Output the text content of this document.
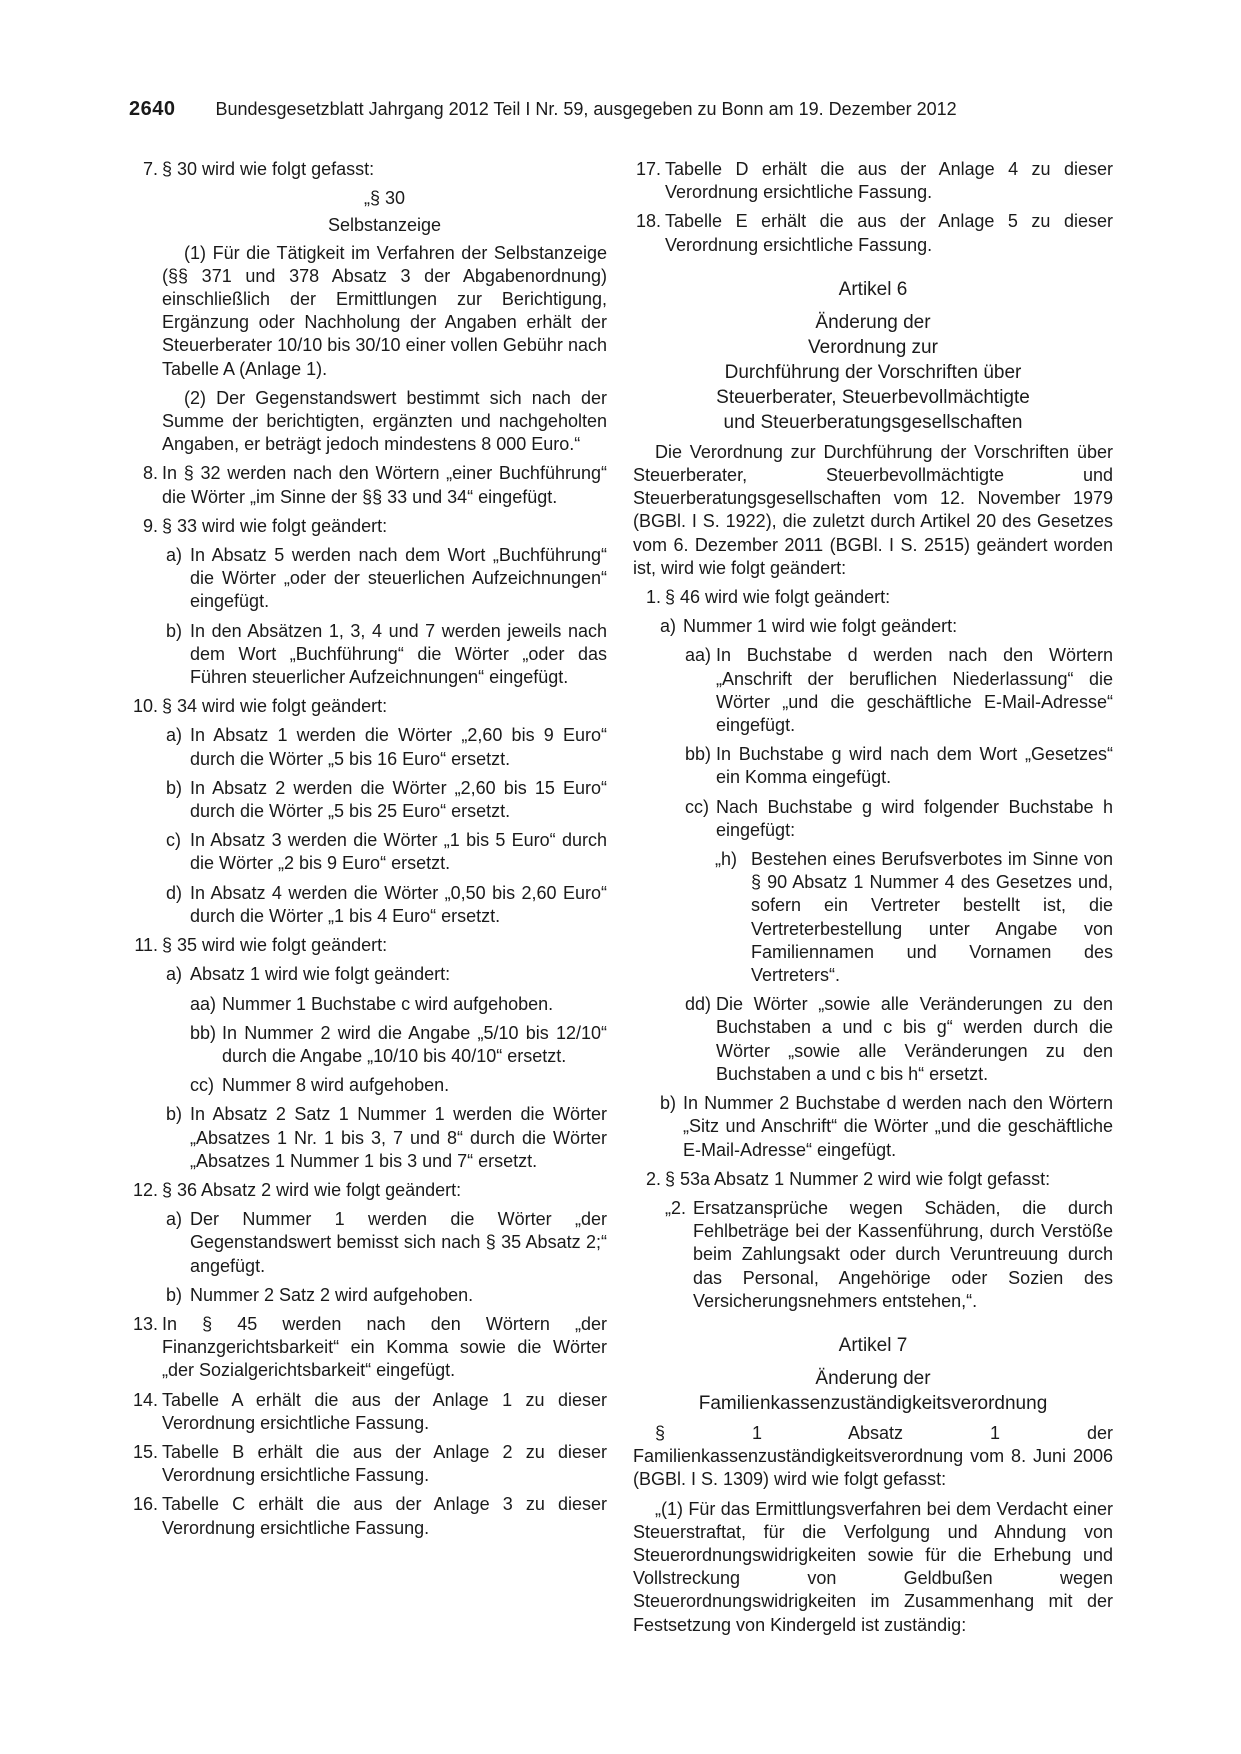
2640 Bundesgesetzblatt Jahrgang 2012 Teil I Nr. 59, ausgegeben zu Bonn am 19. Dezember 2012
7. § 30 wird wie folgt gefasst:

„§ 30

Selbstanzeige

(1) Für die Tätigkeit im Verfahren der Selbstanzeige (§§ 371 und 378 Absatz 3 der Abgabenordnung) einschließlich der Ermittlungen zur Berichtigung, Ergänzung oder Nachholung der Angaben erhält der Steuerberater 10/10 bis 30/10 einer vollen Gebühr nach Tabelle A (Anlage 1).

(2) Der Gegenstandswert bestimmt sich nach der Summe der berichtigten, ergänzten und nachgeholten Angaben, er beträgt jedoch mindestens 8 000 Euro.“

8. In § 32 werden nach den Wörtern „einer Buchführung“ die Wörter „im Sinne der §§ 33 und 34“ eingefügt.
9. § 33 wird wie folgt geändert:
a) In Absatz 5 werden nach dem Wort „Buchführung“ die Wörter „oder der steuerlichen Aufzeichnungen“ eingefügt.
b) In den Absätzen 1, 3, 4 und 7 werden jeweils nach dem Wort „Buchführung“ die Wörter „oder das Führen steuerlicher Aufzeichnungen“ eingefügt.
10. § 34 wird wie folgt geändert:
a) In Absatz 1 werden die Wörter „2,60 bis 9 Euro“ durch die Wörter „5 bis 16 Euro“ ersetzt.
b) In Absatz 2 werden die Wörter „2,60 bis 15 Euro“ durch die Wörter „5 bis 25 Euro“ ersetzt.
c) In Absatz 3 werden die Wörter „1 bis 5 Euro“ durch die Wörter „2 bis 9 Euro“ ersetzt.
d) In Absatz 4 werden die Wörter „0,50 bis 2,60 Euro“ durch die Wörter „1 bis 4 Euro“ ersetzt.
11. § 35 wird wie folgt geändert:
a) Absatz 1 wird wie folgt geändert:
aa) Nummer 1 Buchstabe c wird aufgehoben.
bb) In Nummer 2 wird die Angabe „5/10 bis 12/10“ durch die Angabe „10/10 bis 40/10“ ersetzt.
cc) Nummer 8 wird aufgehoben.
b) In Absatz 2 Satz 1 Nummer 1 werden die Wörter „Absatzes 1 Nr. 1 bis 3, 7 und 8“ durch die Wörter „Absatzes 1 Nummer 1 bis 3 und 7“ ersetzt.
12. § 36 Absatz 2 wird wie folgt geändert:
a) Der Nummer 1 werden die Wörter „der Gegenstandswert bemisst sich nach § 35 Absatz 2;“ angefügt.
b) Nummer 2 Satz 2 wird aufgehoben.
13. In § 45 werden nach den Wörtern „der Finanzgerichtsbarkeit“ ein Komma sowie die Wörter „der Sozialgerichtsbarkeit“ eingefügt.
14. Tabelle A erhält die aus der Anlage 1 zu dieser Verordnung ersichtliche Fassung.
15. Tabelle B erhält die aus der Anlage 2 zu dieser Verordnung ersichtliche Fassung.
16. Tabelle C erhält die aus der Anlage 3 zu dieser Verordnung ersichtliche Fassung.
17. Tabelle D erhält die aus der Anlage 4 zu dieser Verordnung ersichtliche Fassung.
18. Tabelle E erhält die aus der Anlage 5 zu dieser Verordnung ersichtliche Fassung.

Artikel 6

Änderung der

Verordnung zur

Durchführung der Vorschriften über

Steuerberater, Steuerbevollmächtigte

und Steuerberatungsgesellschaften

Die Verordnung zur Durchführung der Vorschriften über Steuerberater, Steuerbevollmächtigte und Steuerberatungsgesellschaften vom 12. November 1979 (BGBl. I S. 1922), die zuletzt durch Artikel 20 des Gesetzes vom 6. Dezember 2011 (BGBl. I S. 2515) geändert worden ist, wird wie folgt geändert:

1. § 46 wird wie folgt geändert:
a) Nummer 1 wird wie folgt geändert:
aa) In Buchstabe d werden nach den Wörtern „Anschrift der beruflichen Niederlassung“ die Wörter „und die geschäftliche E-Mail-Adresse“ eingefügt.
bb) In Buchstabe g wird nach dem Wort „Gesetzes“ ein Komma eingefügt.
cc) Nach Buchstabe g wird folgender Buchstabe h eingefügt:
„h) Bestehen eines Berufsverbotes im Sinne von § 90 Absatz 1 Nummer 4 des Gesetzes und, sofern ein Vertreter bestellt ist, die Vertreterbestellung unter Angabe von Familiennamen und Vornamen des Vertreters“.
dd) Die Wörter „sowie alle Veränderungen zu den Buchstaben a und c bis g“ werden durch die Wörter „sowie alle Veränderungen zu den Buchstaben a und c bis h“ ersetzt.
b) In Nummer 2 Buchstabe d werden nach den Wörtern „Sitz und Anschrift“ die Wörter „und die geschäftliche E-Mail-Adresse“ eingefügt.
2. § 53a Absatz 1 Nummer 2 wird wie folgt gefasst:
„2. Ersatzansprüche wegen Schäden, die durch Fehlbeträge bei der Kassenführung, durch Verstöße beim Zahlungsakt oder durch Veruntreuung durch das Personal, Angehörige oder Sozien des Versicherungsnehmers entstehen,“.

Artikel 7

Änderung der

Familienkassenzuständigkeitsverordnung

§ 1 Absatz 1 der Familienkassenzuständigkeitsverordnung vom 8. Juni 2006 (BGBl. I S. 1309) wird wie folgt gefasst:

„(1) Für das Ermittlungsverfahren bei dem Verdacht einer Steuerstraftat, für die Verfolgung und Ahndung von Steuerordnungswidrigkeiten sowie für die Erhebung und Vollstreckung von Geldbußen wegen Steuerordnungswidrigkeiten im Zusammenhang mit der Festsetzung von Kindergeld ist zuständig:
